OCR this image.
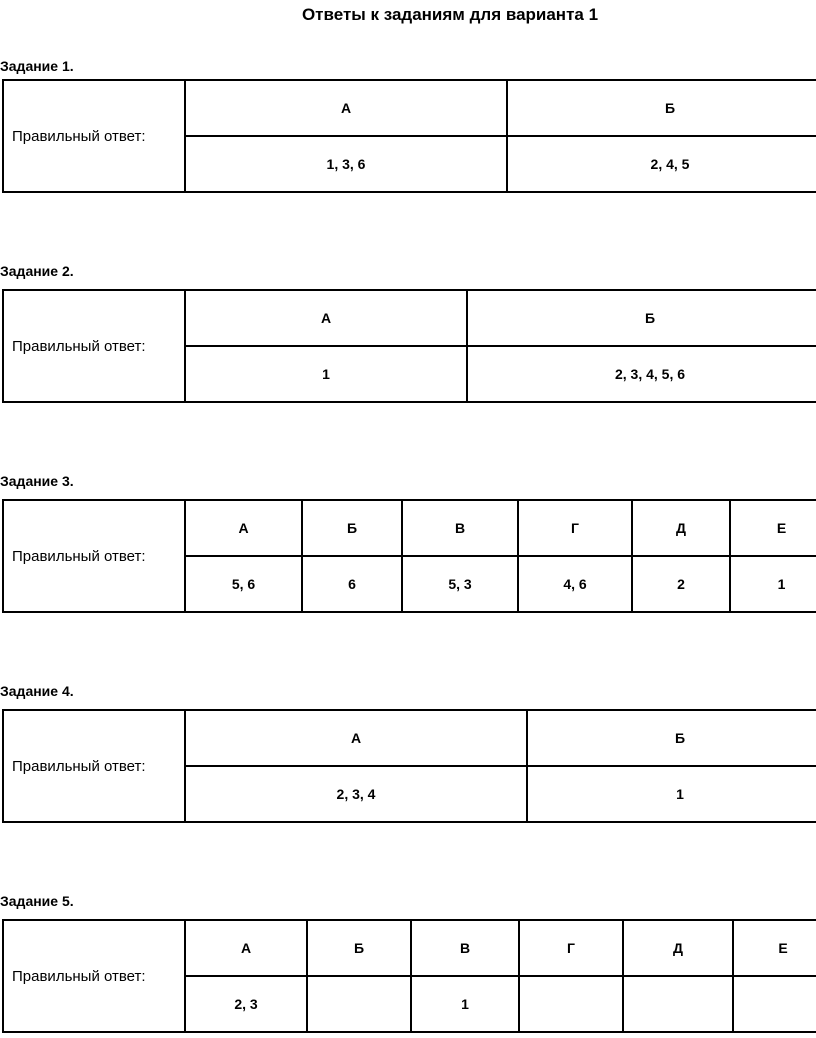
Ответы к заданиям для варианта 1
Задание 1.
Правильный ответ:	А	Б
	1, 3, 6	2, 4, 5
Задание 2.
Правильный ответ:	А	Б
	1	2, 3, 4, 5, 6
Задание 3.
Правильный ответ:	А	Б	В	Г	Д	Е
	5, 6	6	5, 3	4, 6	2	1
Задание 4.
Правильный ответ:	А	Б
	2, 3, 4	1
Задание 5.
Правильный ответ:	А	Б	В	Г	Д	Е
	2, 3		1			
